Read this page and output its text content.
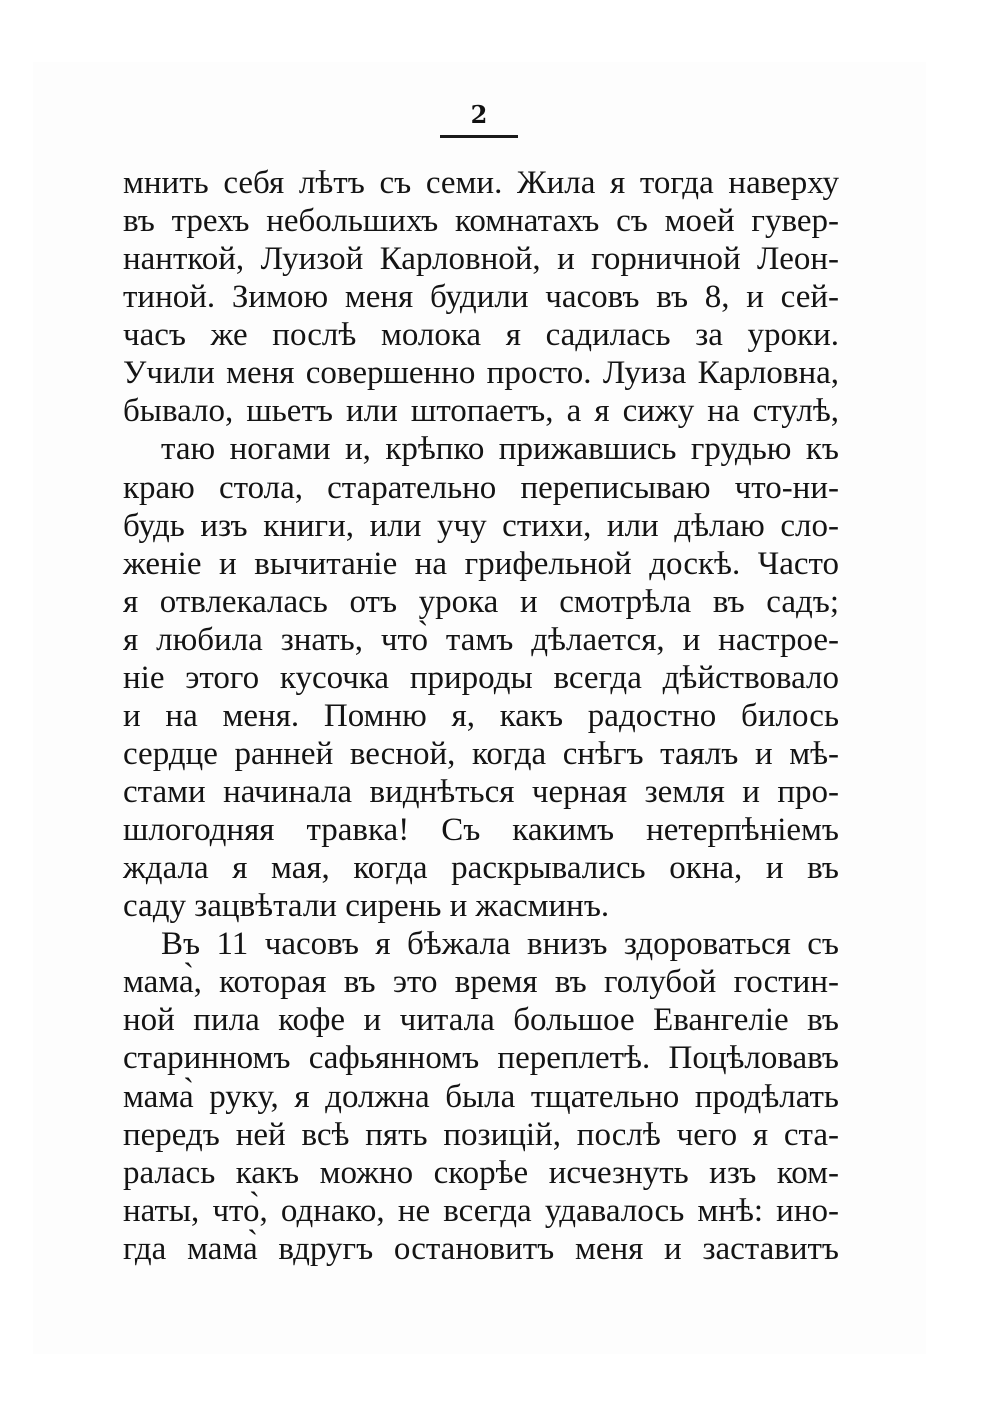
2
мнить себя лѣтъ съ семи. Жила я тогда наверху
въ трехъ небольшихъ комнатахъ съ моей гувер-
нанткой, Луизой Карловной, и горничной Леон-
тиной. Зимою меня будили часовъ въ 8, и сей-
часъ же послѣ молока я садилась за уроки.
Учили меня совершенно просто. Луиза Карловна,
бывало, шьетъ или штопаетъ, а я сижу на стулѣ,
таю ногами и, крѣпко прижавшись грудью къ
краю стола, старательно переписываю что-ни-
будь изъ книги, или учу стихи, или дѣлаю сло-
женіе и вычитаніе на грифельной доскѣ. Часто
я отвлекалась отъ урока и смотрѣла въ садъ;
я любила знать, что̀ тамъ дѣлается, и настрое-
ніе этого кусочка природы всегда дѣйствовало
и на меня. Помню я, какъ радостно билось
сердце ранней весной, когда снѣгъ таялъ и мѣ-
стами начинала виднѣться черная земля и про-
шлогодняя травка! Съ какимъ нетерпѣніемъ
ждала я мая, когда раскрывались окна, и въ
саду зацвѣтали сирень и жасминъ.
Въ 11 часовъ я бѣжала внизъ здороваться съ
мама̀, которая въ это время въ голубой гостин-
ной пила кофе и читала большое Евангеліе въ
старинномъ сафьянномъ переплетѣ. Поцѣловавъ
мама̀ руку, я должна была тщательно продѣлать
передъ ней всѣ пять позицій, послѣ чего я ста-
ралась какъ можно скорѣе исчезнуть изъ ком-
наты, что̀, однако, не всегда удавалось мнѣ: ино-
гда мама̀ вдругъ остановитъ меня и заставитъ
